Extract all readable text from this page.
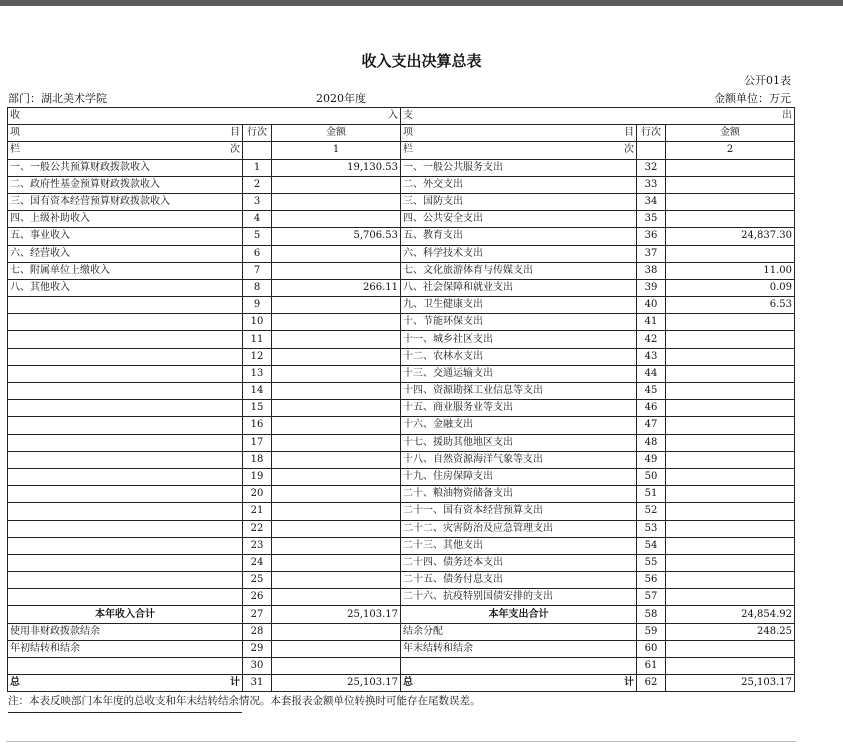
收入支出决算总表
公开01表
部门：湖北美术学院	2020年度	金额单位：万元
收 入			支 出		

项 目	行次	金额	项 目	行次	金额

栏 次		1	栏 次		2
一、一般公共预算财政拨款收入	1	19,130.53	一、一般公共服务支出	32	
二、政府性基金预算财政拨款收入	2		二、外交支出	33	
三、国有资本经营预算财政拨款收入	3		三、国防支出	34	
四、上级补助收入	4		四、公共安全支出	35	
五、事业收入	5	5,706.53	五、教育支出	36	24,837.30
六、经营收入	6		六、科学技术支出	37	
七、附属单位上缴收入	7		七、文化旅游体育与传媒支出	38	11.00
八、其他收入	8	266.11	八、社会保障和就业支出	39	0.09
	9		九、卫生健康支出	40	6.53
	10		十、节能环保支出	41	
	11		十一、城乡社区支出	42	
	12		十二、农林水支出	43	
	13		十三、交通运输支出	44	
	14		十四、资源勘探工业信息等支出	45	
	15		十五、商业服务业等支出	46	
	16		十六、金融支出	47	
	17		十七、援助其他地区支出	48	
	18		十八、自然资源海洋气象等支出	49	
	19		十九、住房保障支出	50	
	20		二十、粮油物资储备支出	51	
	21		二十一、国有资本经营预算支出	52	
	22		二十二、灾害防治及应急管理支出	53	
	23		二十三、其他支出	54	
	24		二十四、债务还本支出	55	
	25		二十五、债务付息支出	56	
	26		二十六、抗疫特别国债安排的支出	57	
本年收入合计	27	25,103.17	本年支出合计	58	24,854.92
使用非财政拨款结余	28		结余分配	59	248.25
年初结转和结余	29		年末结转和结余	60	
	30			61	

总 计	31	25,103.17	总 计	62	25,103.17
注：本表反映部门本年度的总收支和年末结转结余情况。本套报表金额单位转换时可能存在尾数误差。
